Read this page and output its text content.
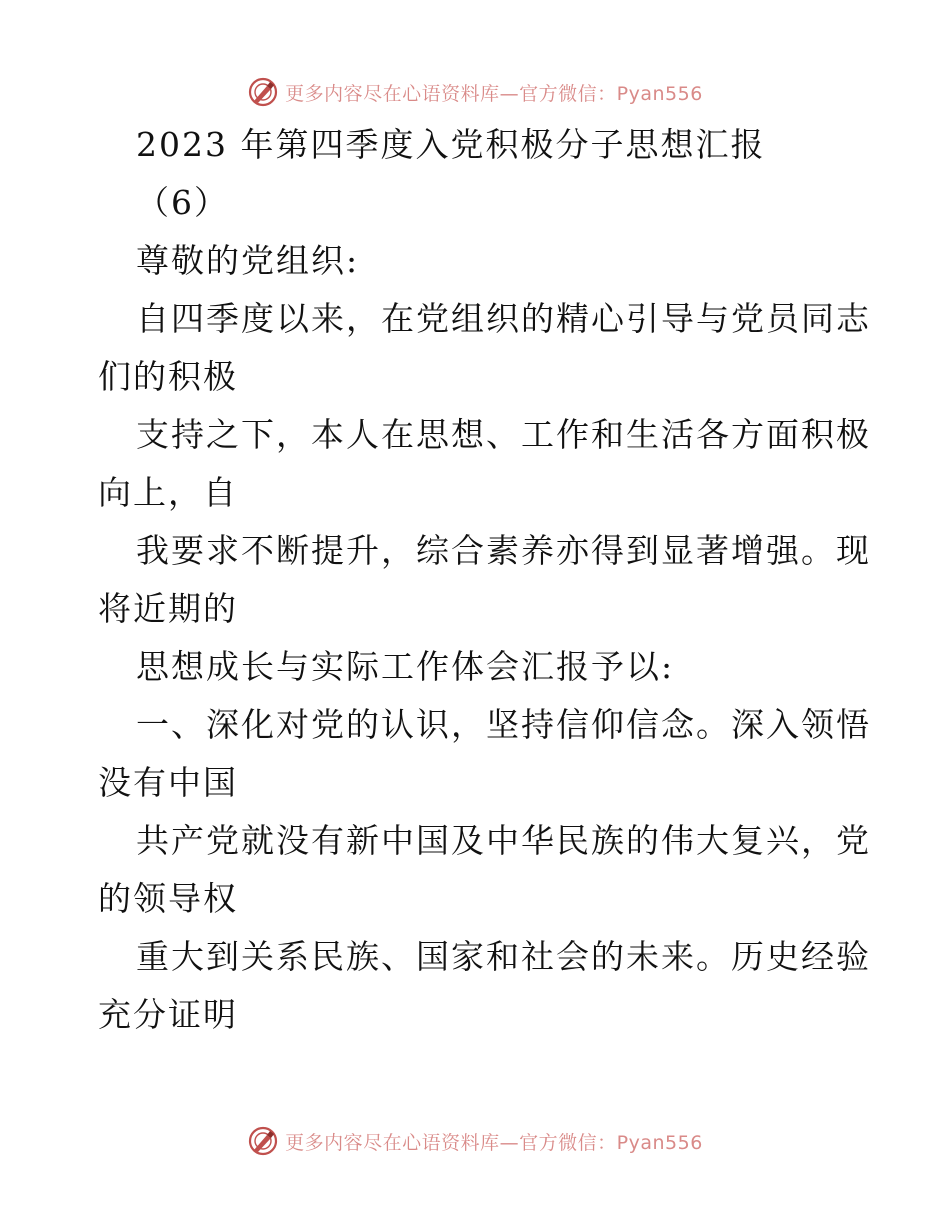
更多内容尽在心语资料库—官方微信：Pyan556
2023 年第四季度入党积极分子思想汇报
（6）
尊敬的党组织:
自四季度以来，在党组织的精心引导与党员同志
们的积极
支持之下，本人在思想、工作和生活各方面积极
向上，自
我要求不断提升，综合素养亦得到显著增强。现
将近期的
思想成长与实际工作体会汇报予以:
一、深化对党的认识，坚持信仰信念。深入领悟
没有中国
共产党就没有新中国及中华民族的伟大复兴，党
的领导权
重大到关系民族、国家和社会的未来。历史经验
充分证明
更多内容尽在心语资料库—官方微信：Pyan556
